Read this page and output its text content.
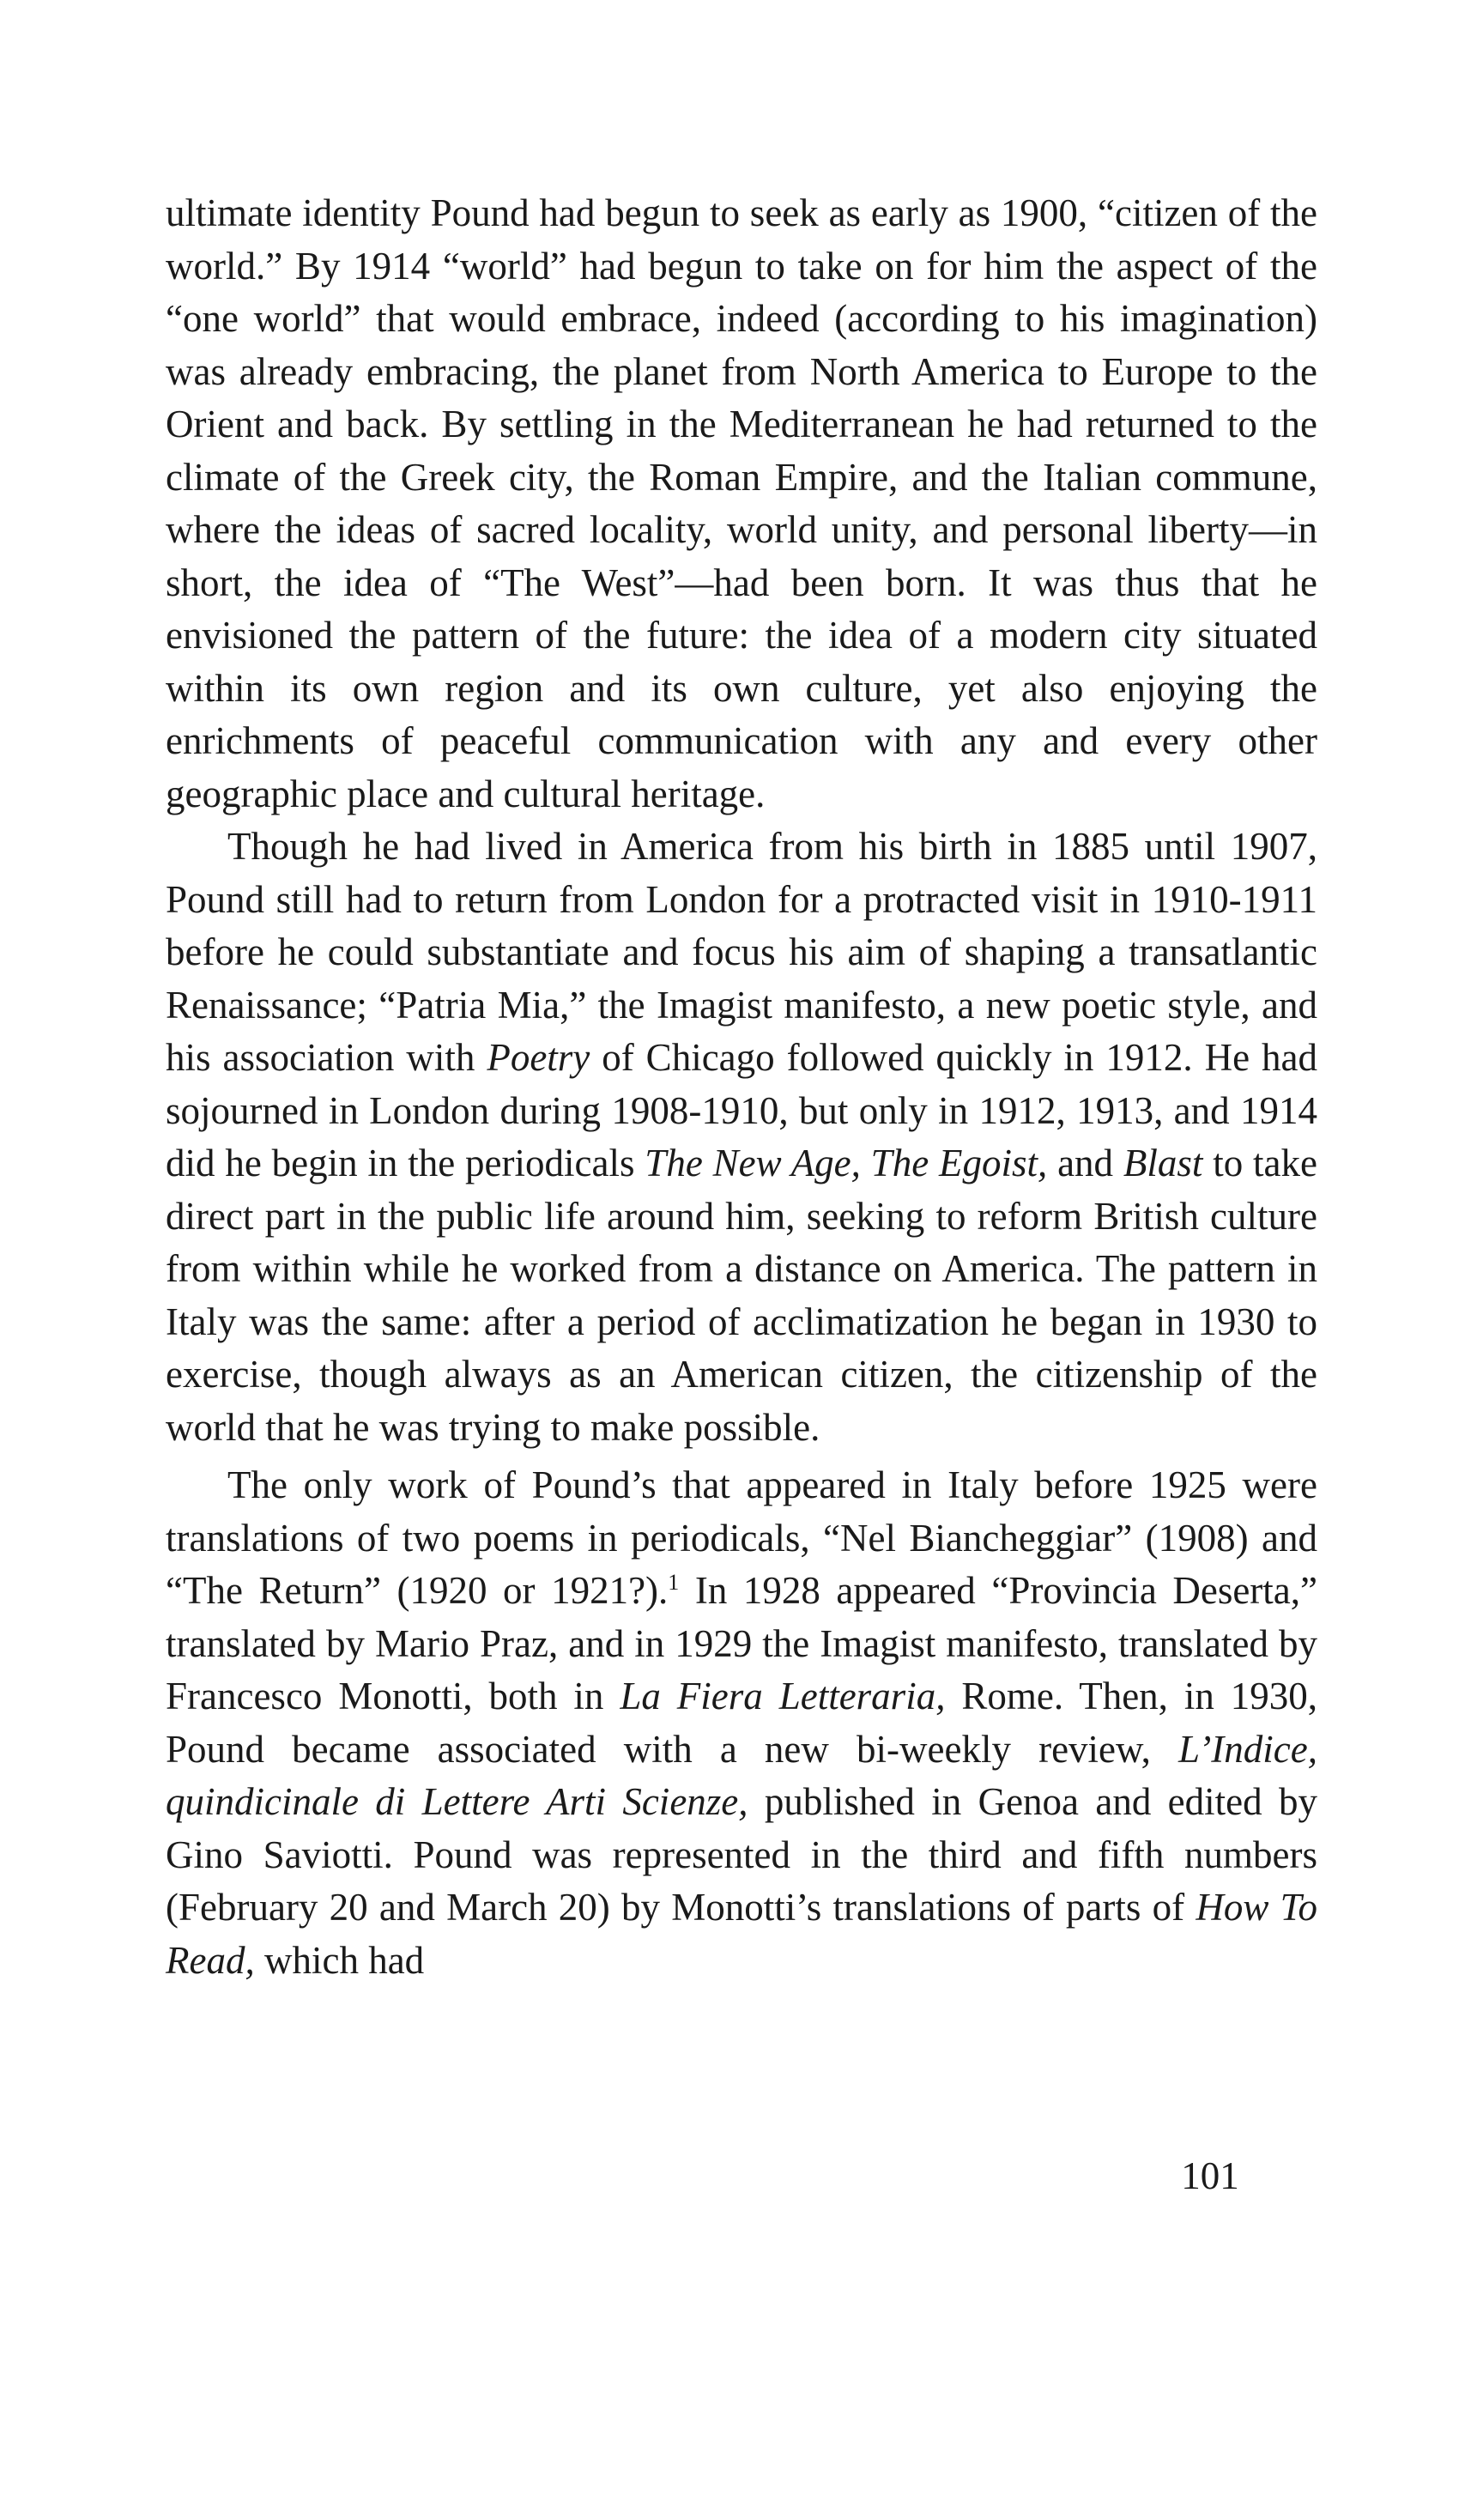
ultimate identity Pound had begun to seek as early as 1900, “citizen of the world.” By 1914 “world” had begun to take on for him the aspect of the “one world” that would embrace, indeed (according to his imagination) was already embracing, the planet from North America to Europe to the Orient and back. By settling in the Mediterranean he had returned to the climate of the Greek city, the Roman Empire, and the Italian commune, where the ideas of sacred locality, world unity, and personal liberty—in short, the idea of “The West”—had been born. It was thus that he envisioned the pattern of the future: the idea of a modern city situated within its own region and its own culture, yet also enjoying the enrichments of peaceful communication with any and every other geographic place and cultural heritage.

Though he had lived in America from his birth in 1885 until 1907, Pound still had to return from London for a protracted visit in 1910-1911 before he could substantiate and focus his aim of shaping a transatlantic Renaissance; “Patria Mia,” the Imagist manifesto, a new poetic style, and his association with Poetry of Chicago followed quickly in 1912. He had sojourned in London during 1908-1910, but only in 1912, 1913, and 1914 did he begin in the periodicals The New Age, The Egoist, and Blast to take direct part in the public life around him, seeking to reform British culture from within while he worked from a distance on America. The pattern in Italy was the same: after a period of acclimatization he began in 1930 to exercise, though always as an American citizen, the citizenship of the world that he was trying to make possible.

The only work of Pound’s that appeared in Italy before 1925 were translations of two poems in periodicals, “Nel Biancheggiar” (1908) and “The Return” (1920 or 1921?).$^1$ In 1928 appeared “Provincia Deserta,” translated by Mario Praz, and in 1929 the Imagist manifesto, translated by Francesco Monotti, both in La Fiera Letteraria, Rome. Then, in 1930, Pound became associated with a new bi-weekly review, L’Indice, quindicinale di Lettere Arti Scienze, published in Genoa and edited by Gino Saviotti. Pound was represented in the third and fifth numbers (February 20 and March 20) by Monotti’s translations of parts of How To Read, which had

101
